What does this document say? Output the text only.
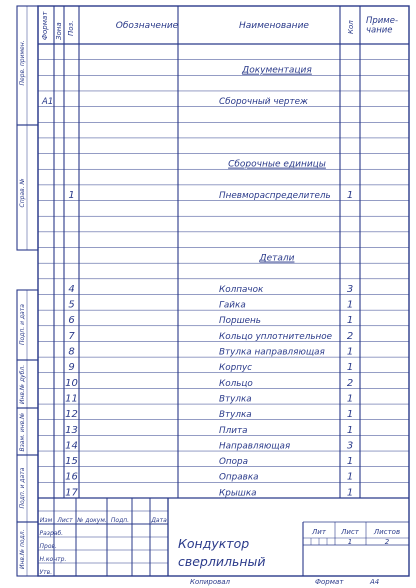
Формат Зона Поз.	Обозначение	Наименование	Кол Приме-чание
Документация
А1	Сборочный чертеж
Сборочные единицы
1	Пневмораспределитель 1
Детали
4	Колпачок	3
5	Гайка	1
6	Поршень	1
7	Кольцо уплотнительное 2
8	Втулка направляющая 1
9	Корпус	1
10	Кольцо	2
11	Втулка	1
12	Втулка	1
13	Плита	1
14	Направляющая	3
15	Опора	1
16	Оправка	1
17	Крышка	1
Перв. примен.
Справ. №
Подп. и дата
Инв.№ дубл.
Взам. инв.№
Подп. и дата
Инв.№ подл.
Изм Лист № докум. Подп.	Дата
Разраб.
Пров.
Н.контр.
Утв.
Кондуктор
сверлильный
Лит Лист Листов
1	2
Копировал	Формат	А4
